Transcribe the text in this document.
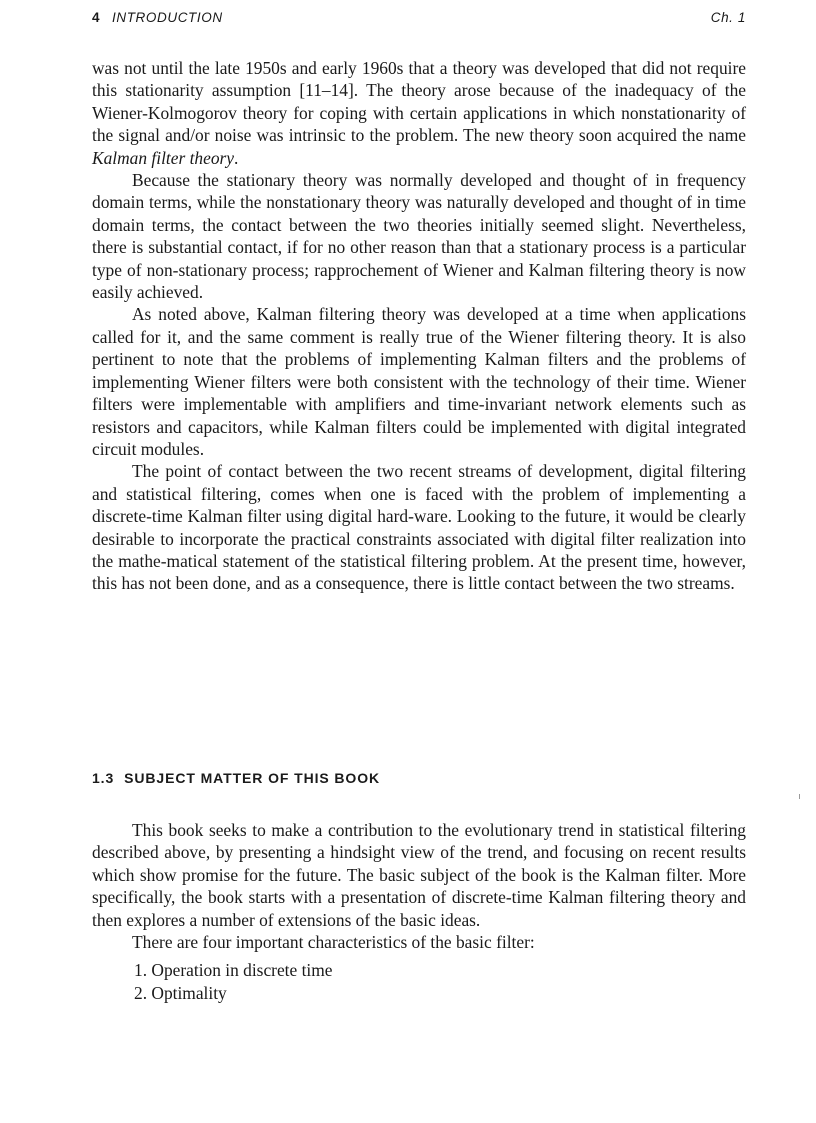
4 INTRODUCTION	Ch. 1

was not until the late 1950s and early 1960s that a theory was developed that did not require this stationarity assumption [11–14]. The theory arose because of the inadequacy of the Wiener-Kolmogorov theory for coping with certain applications in which nonstationarity of the signal and/or noise was intrinsic to the problem. The new theory soon acquired the name Kalman filter theory.

Because the stationary theory was normally developed and thought of in frequency domain terms, while the nonstationary theory was naturally developed and thought of in time domain terms, the contact between the two theories initially seemed slight. Nevertheless, there is substantial contact, if for no other reason than that a stationary process is a particular type of non-stationary process; rapprochement of Wiener and Kalman filtering theory is now easily achieved.

As noted above, Kalman filtering theory was developed at a time when applications called for it, and the same comment is really true of the Wiener filtering theory. It is also pertinent to note that the problems of implementing Kalman filters and the problems of implementing Wiener filters were both consistent with the technology of their time. Wiener filters were implementable with amplifiers and time-invariant network elements such as resistors and capacitors, while Kalman filters could be implemented with digital integrated circuit modules.

The point of contact between the two recent streams of development, digital filtering and statistical filtering, comes when one is faced with the problem of implementing a discrete-time Kalman filter using digital hard-ware. Looking to the future, it would be clearly desirable to incorporate the practical constraints associated with digital filter realization into the mathe-matical statement of the statistical filtering problem. At the present time, however, this has not been done, and as a consequence, there is little contact between the two streams.

1.3 SUBJECT MATTER OF THIS BOOK

This book seeks to make a contribution to the evolutionary trend in statistical filtering described above, by presenting a hindsight view of the trend, and focusing on recent results which show promise for the future. The basic subject of the book is the Kalman filter. More specifically, the book starts with a presentation of discrete-time Kalman filtering theory and then explores a number of extensions of the basic ideas.

There are four important characteristics of the basic filter:

1. Operation in discrete time
2. Optimality
